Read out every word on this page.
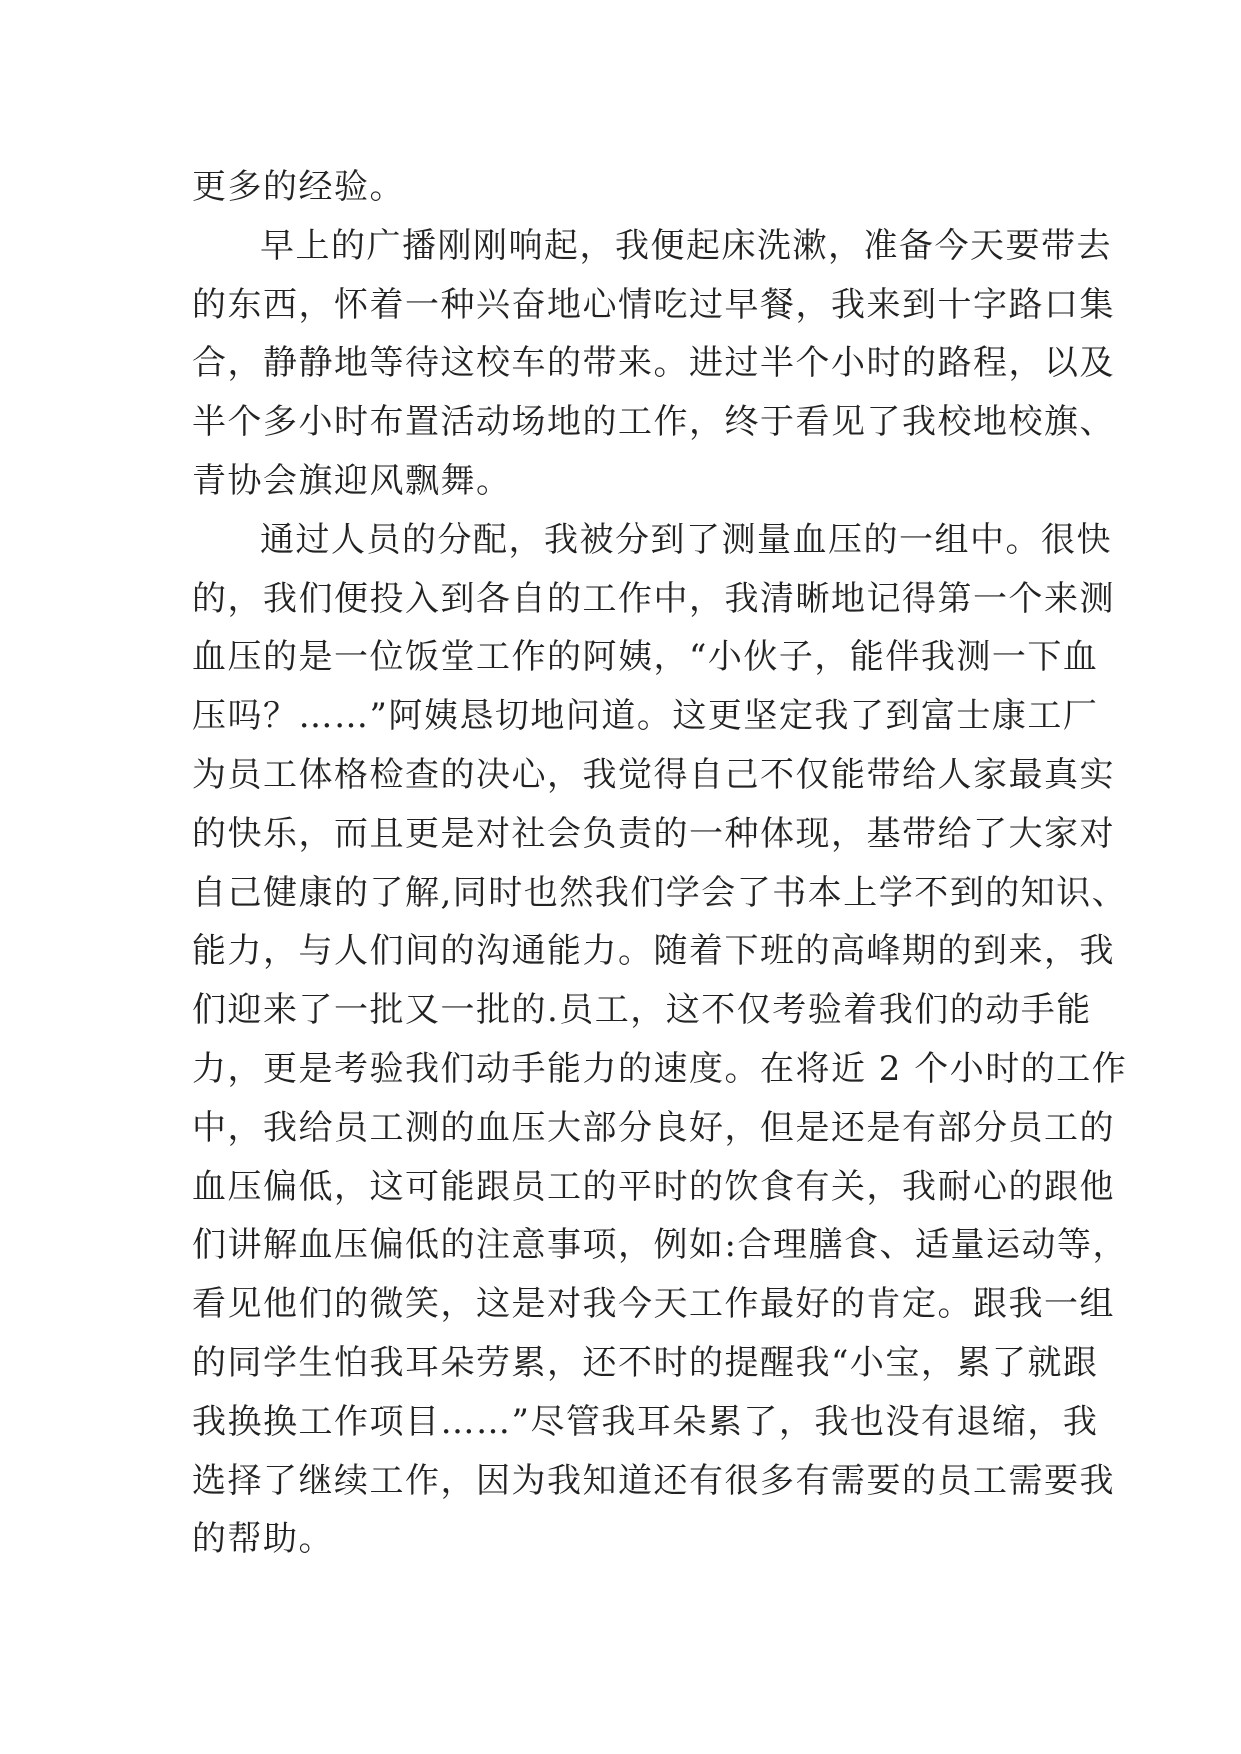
更多的经验。
早上的广播刚刚响起，我便起床洗漱，准备今天要带去
的东西，怀着一种兴奋地心情吃过早餐，我来到十字路口集
合，静静地等待这校车的带来。进过半个小时的路程，以及
半个多小时布置活动场地的工作，终于看见了我校地校旗、
青协会旗迎风飘舞。
通过人员的分配，我被分到了测量血压的一组中。很快
的，我们便投入到各自的工作中，我清晰地记得第一个来测
血压的是一位饭堂工作的阿姨，“小伙子，能伴我测一下血
压吗？……”阿姨恳切地问道。这更坚定我了到富士康工厂
为员工体格检查的决心，我觉得自己不仅能带给人家最真实
的快乐，而且更是对社会负责的一种体现，基带给了大家对
自己健康的了解,同时也然我们学会了书本上学不到的知识、
能力，与人们间的沟通能力。随着下班的高峰期的到来，我
们迎来了一批又一批的.员工，这不仅考验着我们的动手能
力，更是考验我们动手能力的速度。在将近 2 个小时的工作
中，我给员工测的血压大部分良好，但是还是有部分员工的
血压偏低，这可能跟员工的平时的饮食有关，我耐心的跟他
们讲解血压偏低的注意事项，例如:合理膳食、适量运动等，
看见他们的微笑，这是对我今天工作最好的肯定。跟我一组
的同学生怕我耳朵劳累，还不时的提醒我“小宝，累了就跟
我换换工作项目……”尽管我耳朵累了，我也没有退缩，我
选择了继续工作，因为我知道还有很多有需要的员工需要我
的帮助。
